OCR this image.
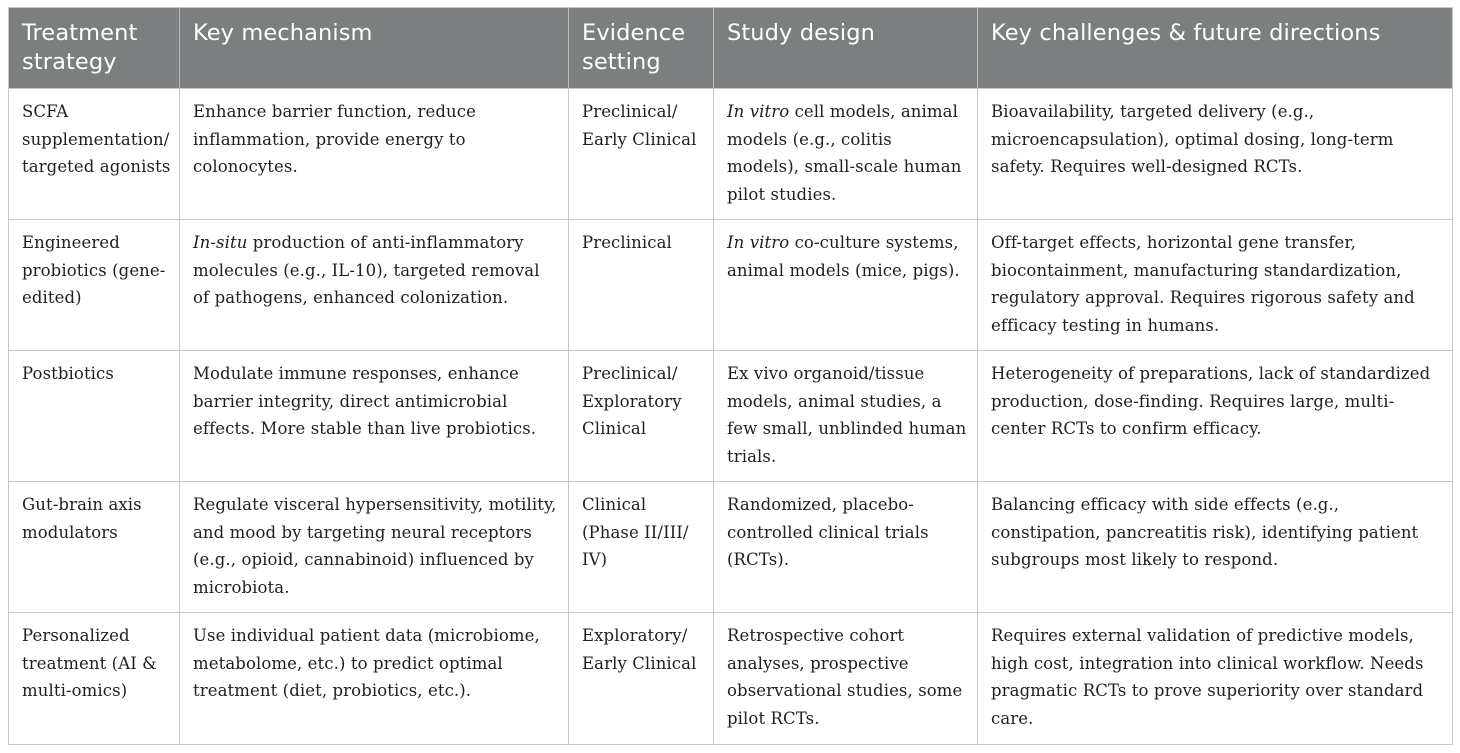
Treatment strategy	Key mechanism	Evidence setting	Study design	Key challenges & future directions
SCFA supplementation/ targeted agonists	Enhance barrier function, reduce inflammation, provide energy to colonocytes.	Preclinical/ Early Clinical	In vitro cell models, animal models (e.g., colitis models), small-scale human pilot studies.	Bioavailability, targeted delivery (e.g., microencapsulation), optimal dosing, long-term safety. Requires well-designed RCTs.
Engineered probiotics (gene-edited)	In-situ production of anti-inflammatory molecules (e.g., IL-10), targeted removal of pathogens, enhanced colonization.	Preclinical	In vitro co-culture systems, animal models (mice, pigs).	Off-target effects, horizontal gene transfer, biocontainment, manufacturing standardization, regulatory approval. Requires rigorous safety and efficacy testing in humans.
Postbiotics	Modulate immune responses, enhance barrier integrity, direct antimicrobial effects. More stable than live probiotics.	Preclinical/ Exploratory Clinical	Ex vivo organoid/tissue models, animal studies, a few small, unblinded human trials.	Heterogeneity of preparations, lack of standardized production, dose-finding. Requires large, multi-center RCTs to confirm efficacy.
Gut-brain axis modulators	Regulate visceral hypersensitivity, motility, and mood by targeting neural receptors (e.g., opioid, cannabinoid) influenced by microbiota.	Clinical (Phase II/III/ IV)	Randomized, placebo-controlled clinical trials (RCTs).	Balancing efficacy with side effects (e.g., constipation, pancreatitis risk), identifying patient subgroups most likely to respond.
Personalized treatment (AI & multi-omics)	Use individual patient data (microbiome, metabolome, etc.) to predict optimal treatment (diet, probiotics, etc.).	Exploratory/ Early Clinical	Retrospective cohort analyses, prospective observational studies, some pilot RCTs.	Requires external validation of predictive models, high cost, integration into clinical workflow. Needs pragmatic RCTs to prove superiority over standard care.
